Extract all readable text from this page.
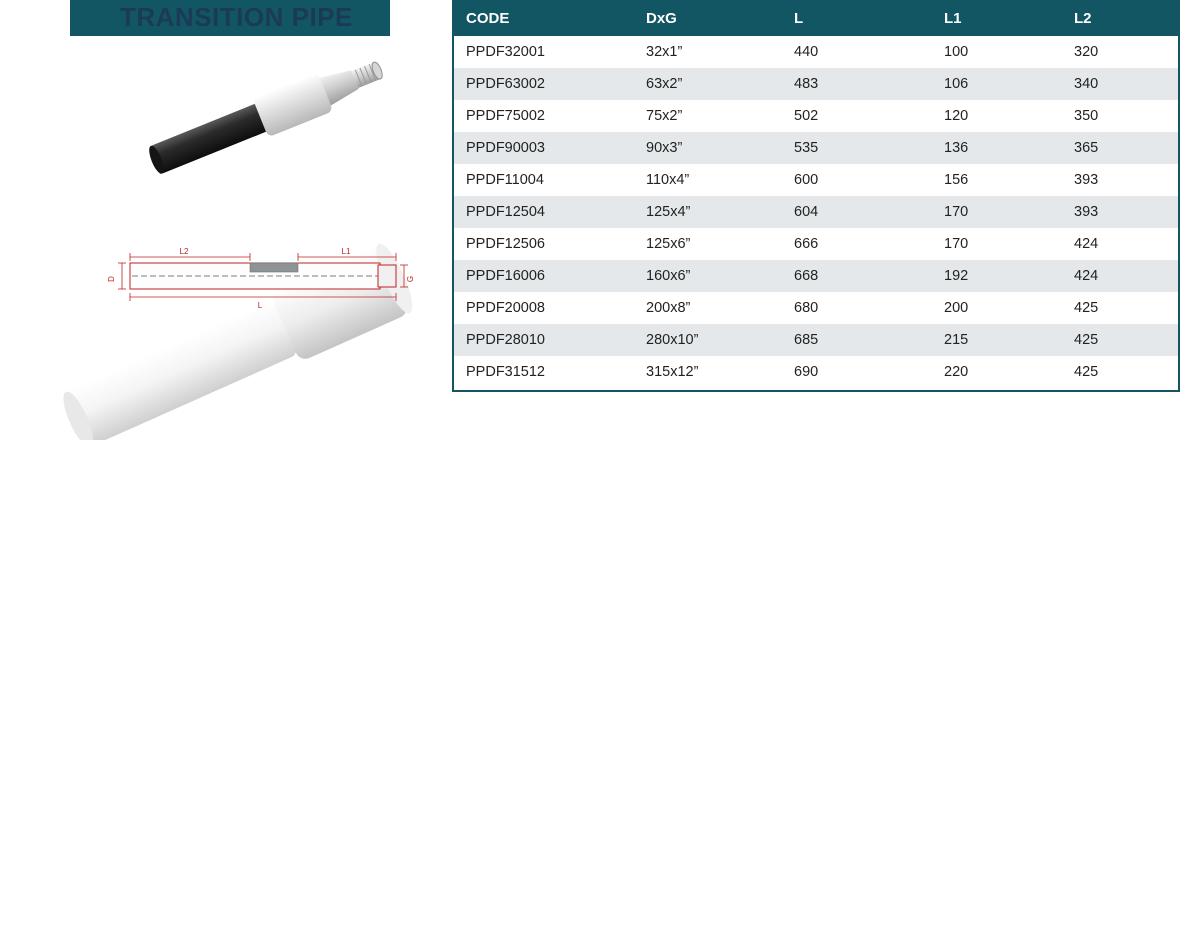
TRANSITION PIPE
L2	L1
L
D	G
CODE	DxG	L	L1	L2
PPDF32001	32x1”	440	100	320
PPDF63002	63x2”	483	106	340
PPDF75002	75x2”	502	120	350
PPDF90003	90x3”	535	136	365
PPDF11004	110x4”	600	156	393
PPDF12504	125x4”	604	170	393
PPDF12506	125x6”	666	170	424
PPDF16006	160x6”	668	192	424
PPDF20008	200x8”	680	200	425
PPDF28010	280x10”	685	215	425
PPDF31512	315x12”	690	220	425
